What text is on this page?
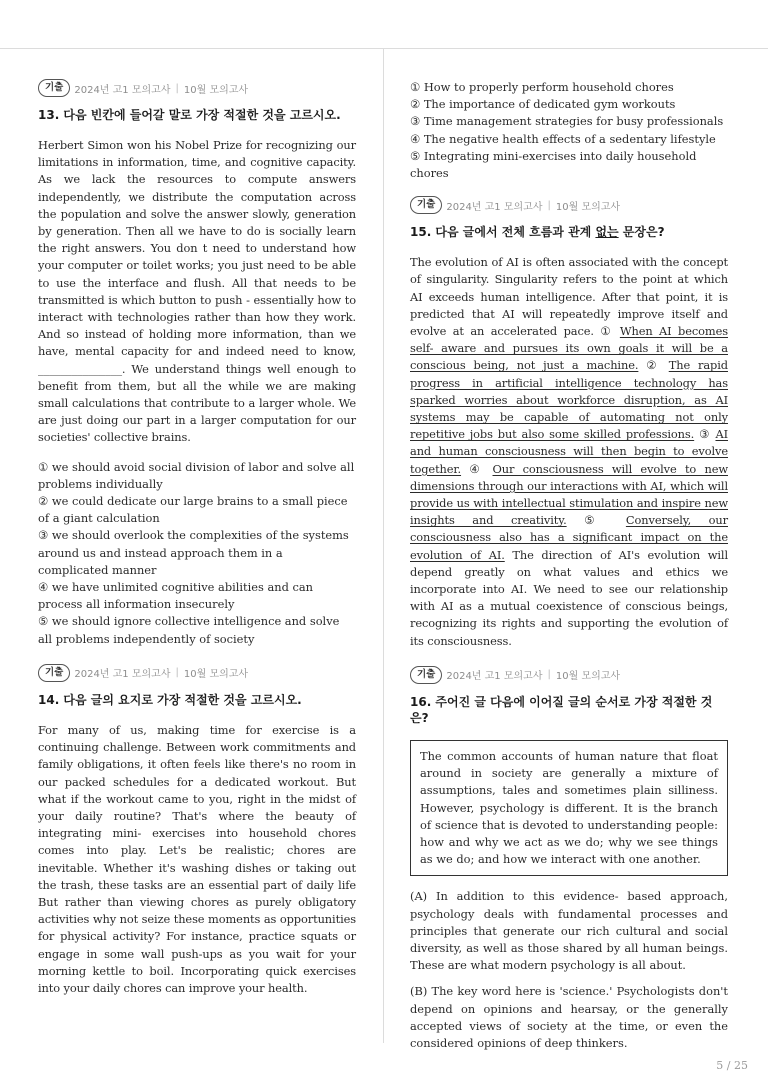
기출	2024년 고1 모의고사 | 10월 모의고사
13. 다음 빈칸에 들어갈 말로 가장 적절한 것을 고르시오.

Herbert Simon won his Nobel Prize for recognizing our limitations in information, time, and cognitive capacity. As we lack the resources to compute answers independently, we distribute the computation across the population and solve the answer slowly, generation by generation. Then all we have to do is socially learn the right answers. You don t need to understand how your computer or toilet works; you just need to be able to use the interface and flush. All that needs to be transmitted is which button to push - essentially how to interact with technologies rather than how they work. And so instead of holding more information, than we have, mental capacity for and indeed need to know, _______________. We understand things well enough to benefit from them, but all the while we are making small calculations that contribute to a larger whole. We are just doing our part in a larger computation for our societies' collective brains.

① we should avoid social division of labor and solve all problems individually
② we could dedicate our large brains to a small piece of a giant calculation
③ we should overlook the complexities of the systems around us and instead approach them in a complicated manner
④ we have unlimited cognitive abilities and can process all information insecurely
⑤ we should ignore collective intelligence and solve all problems independently of society
기출	2024년 고1 모의고사 | 10월 모의고사
14. 다음 글의 요지로 가장 적절한 것을 고르시오.

For many of us, making time for exercise is a continuing challenge. Between work commitments and family obligations, it often feels like there's no room in our packed schedules for a dedicated workout. But what if the workout came to you, right in the midst of your daily routine? That's where the beauty of integrating mini- exercises into household chores comes into play. Let's be realistic; chores are inevitable. Whether it's washing dishes or taking out the trash, these tasks are an essential part of daily life But rather than viewing chores as purely obligatory activities why not seize these moments as opportunities for physical activity? For instance, practice squats or engage in some wall push-ups as you wait for your morning kettle to boil. Incorporating quick exercises into your daily chores can improve your health.

① How to properly perform household chores
② The importance of dedicated gym workouts
③ Time management strategies for busy professionals
④ The negative health effects of a sedentary lifestyle
⑤ Integrating mini-exercises into daily household chores
기출	2024년 고1 모의고사 | 10월 모의고사
15. 다음 글에서 전체 흐름과 관계 없는 문장은?

The evolution of AI is often associated with the concept of singularity. Singularity refers to the point at which AI exceeds human intelligence. After that point, it is predicted that AI will repeatedly improve itself and evolve at an accelerated pace. ① When AI becomes self- aware and pursues its own goals it will be a conscious being, not just a machine. ② The rapid progress in artificial intelligence technology has sparked worries about workforce disruption, as AI systems may be capable of automating not only repetitive jobs but also some skilled professions. ③ AI and human consciousness will then begin to evolve together. ④ Our consciousness will evolve to new dimensions through our interactions with AI, which will provide us with intellectual stimulation and inspire new insights and creativity. ⑤ Conversely, our consciousness also has a significant impact on the evolution of AI. The direction of AI's evolution will depend greatly on what values and ethics we incorporate into AI. We need to see our relationship with AI as a mutual coexistence of conscious beings, recognizing its rights and supporting the evolution of its consciousness.

기출	2024년 고1 모의고사 | 10월 모의고사
16. 주어진 글 다음에 이어질 글의 순서로 가장 적절한 것은?
The common accounts of human nature that float around in society are generally a mixture of assumptions, tales and sometimes plain silliness. However, psychology is different. It is the branch of science that is devoted to understanding people: how and why we act as we do; why we see things as we do; and how we interact with one another.

(A) In addition to this evidence- based approach, psychology deals with fundamental processes and principles that generate our rich cultural and social diversity, as well as those shared by all human beings. These are what modern psychology is all about.

(B) The key word here is 'science.' Psychologists don't depend on opinions and hearsay, or the generally accepted views of society at the time, or even the considered opinions of deep thinkers.

5 / 25
